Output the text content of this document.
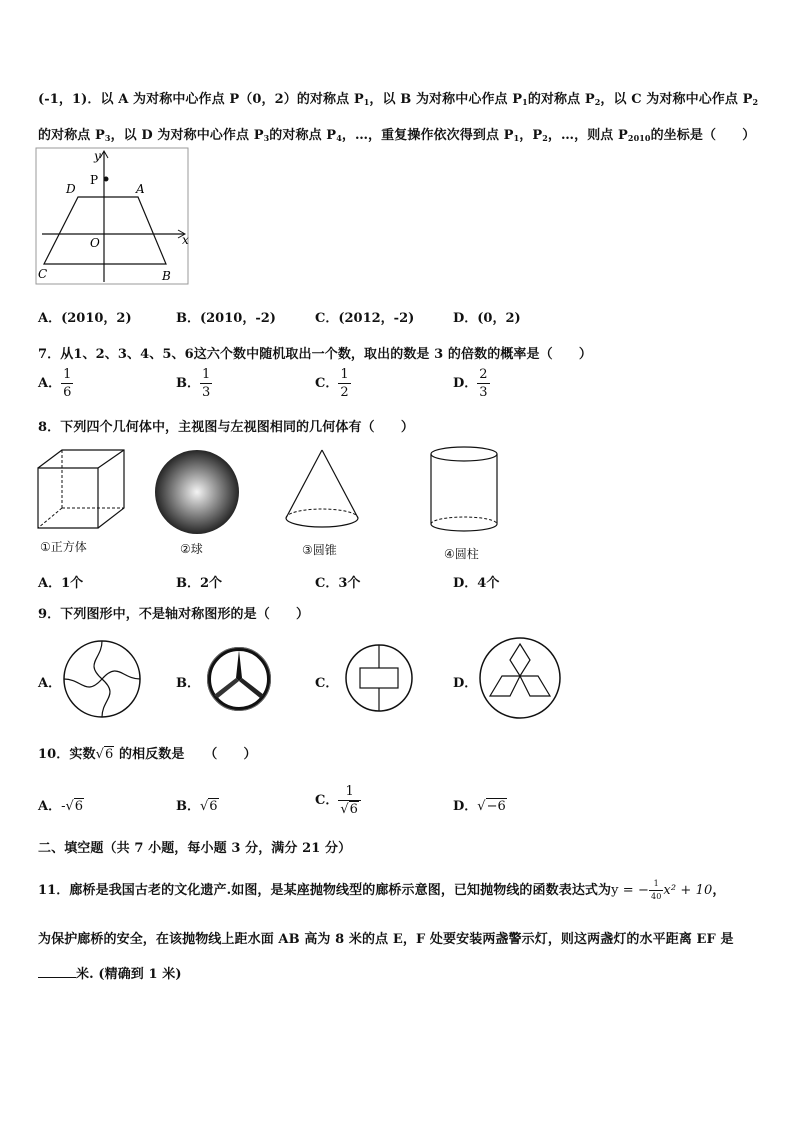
(-1，1)．以 A 为对称中心作点 P（0，2）的对称点 $P_1$，以 B 为对称中心作点 $P_1$的对称点 $P_2$，以 C 为对称中心作点 $P_2$
的对称点 $P_3$，以 D 为对称中心作点 $P_3$的对称点 $P_4$，…，重复操作依次得到点 $P_1$，$P_2$，…，则点 $P_{2010}$的坐标是（　　）
y
x
P
D	A
O
C	B
A．(2010，2)	B．(2010，-2)	C．(2012，-2)	D．(0，2)
7．从1、2、3、4、5、6这六个数中随机取出一个数，取出的数是 3 的倍数的概率是（　　）
A． $\frac{1}{6}$	B． $\frac{1}{3}$	C． $\frac{1}{2}$	D． $\frac{2}{3}$
8．下列四个几何体中，主视图与左视图相同的几何体有（　　）
①正方体	②球	③圆锥	④圆柱
A．1个	B．2个	C．3个	D．4个
9．下列图形中，不是轴对称图形的是（　　）
A．	B．	C．	D．
10．实数√6 的相反数是　　（　　）
A．-√6	B．√6	C． $\frac{1}{√6}$	D．√−6
二、填空题（共 7 小题，每小题 3 分，满分 21 分）
11．廊桥是我国古老的文化遗产.如图，是某座抛物线型的廊桥示意图，已知抛物线的函数表达式为y = − $\frac{1}{40} x^2 + 10$，
为保护廊桥的安全，在该抛物线上距水面 AB 高为 8 米的点 E，F 处要安装两盏警示灯，则这两盏灯的水平距离 EF 是
米. (精确到 1 米)
